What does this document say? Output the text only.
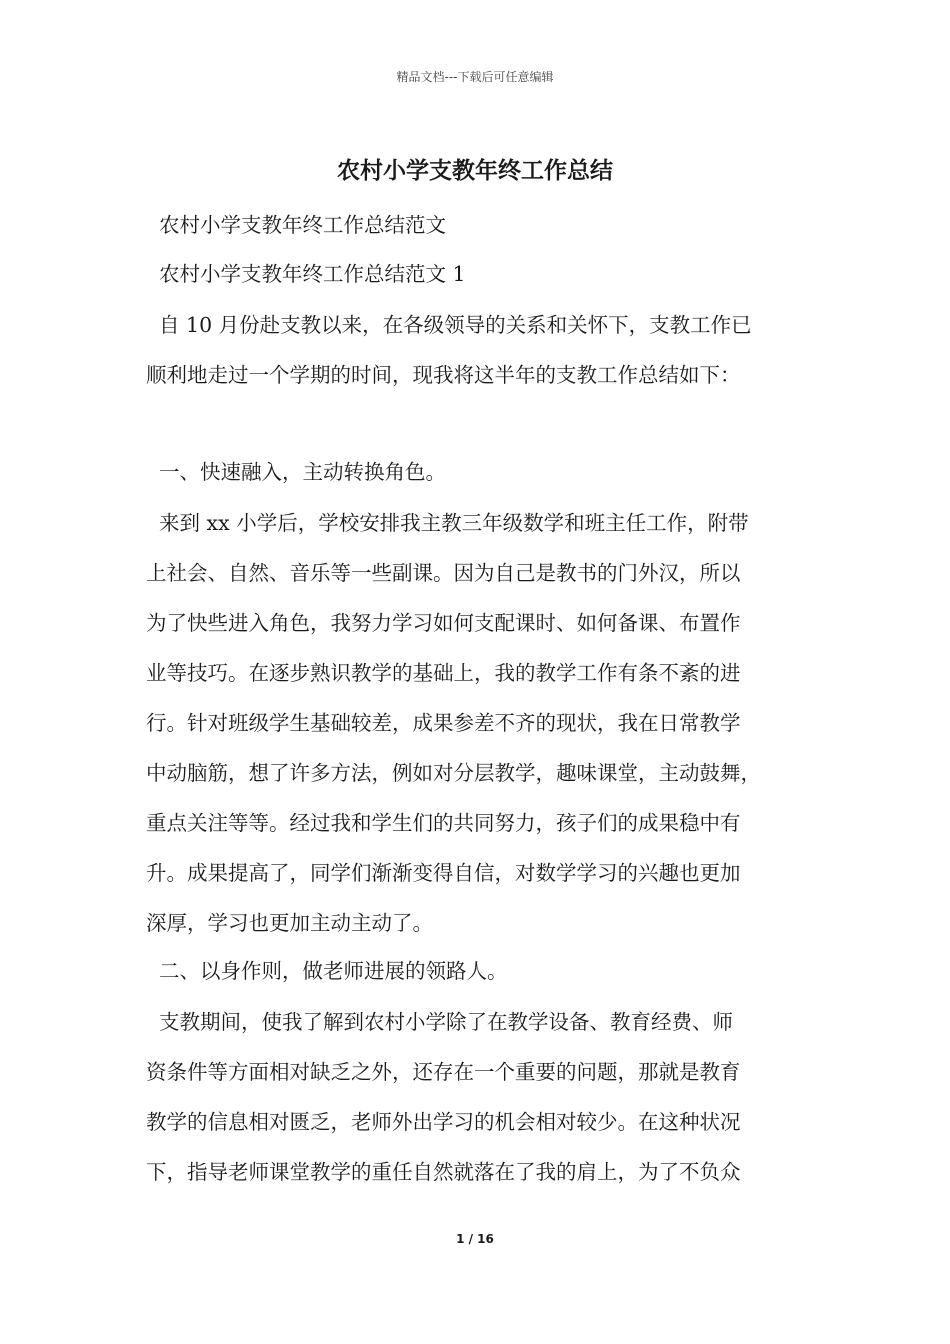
精品文档---下载后可任意编辑
农村小学支教年终工作总结
农村小学支教年终工作总结范文
农村小学支教年终工作总结范文 1
自 10 月份赴支教以来，在各级领导的关系和关怀下，支教工作已
顺利地走过一个学期的时间，现我将这半年的支教工作总结如下：
一、快速融入，主动转换角色。
来到 xx 小学后，学校安排我主教三年级数学和班主任工作，附带
上社会、自然、音乐等一些副课。因为自己是教书的门外汉，所以
为了快些进入角色，我努力学习如何支配课时、如何备课、布置作
业等技巧。在逐步熟识教学的基础上，我的教学工作有条不紊的进
行。针对班级学生基础较差，成果参差不齐的现状，我在日常教学
中动脑筋，想了许多方法，例如对分层教学，趣味课堂，主动鼓舞，
重点关注等等。经过我和学生们的共同努力，孩子们的成果稳中有
升。成果提高了，同学们渐渐变得自信，对数学学习的兴趣也更加
深厚，学习也更加主动主动了。
二、以身作则，做老师进展的领路人。
支教期间，使我了解到农村小学除了在教学设备、教育经费、师
资条件等方面相对缺乏之外，还存在一个重要的问题，那就是教育
教学的信息相对匮乏，老师外出学习的机会相对较少。在这种状况
下，指导老师课堂教学的重任自然就落在了我的肩上，为了不负众
1 / 16
